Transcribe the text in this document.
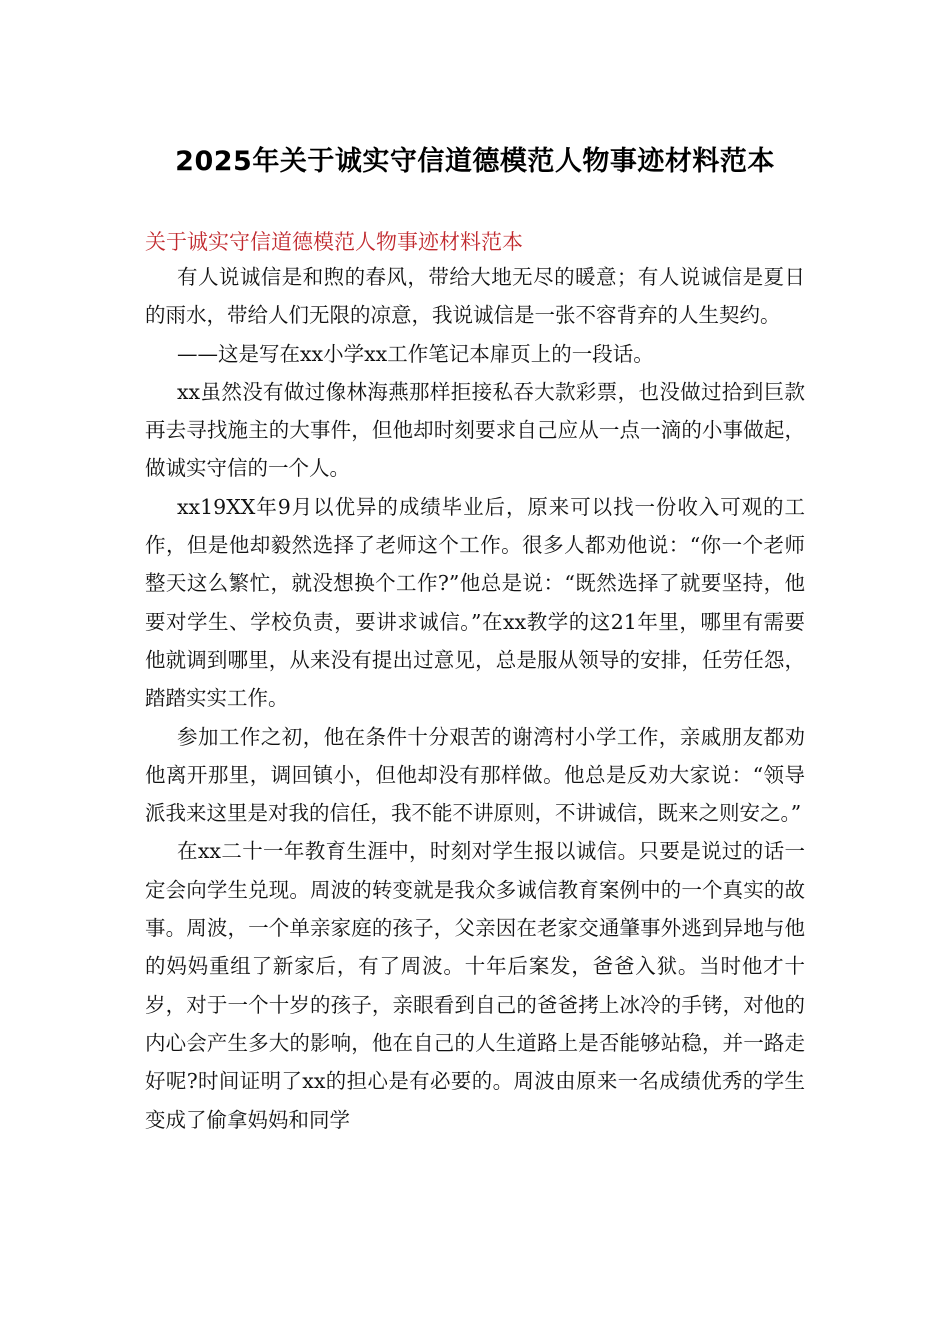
2025年关于诚实守信道德模范人物事迹材料范本
关于诚实守信道德模范人物事迹材料范本

有人说诚信是和煦的春风，带给大地无尽的暖意；有人说诚信是夏日的雨水，带给人们无限的凉意，我说诚信是一张不容背弃的人生契约。

——这是写在xx小学xx工作笔记本扉页上的一段话。

xx虽然没有做过像林海燕那样拒接私吞大款彩票，也没做过拾到巨款再去寻找施主的大事件，但他却时刻要求自己应从一点一滴的小事做起，做诚实守信的一个人。

xx19XX年9月以优异的成绩毕业后，原来可以找一份收入可观的工作，但是他却毅然选择了老师这个工作。很多人都劝他说：“你一个老师整天这么繁忙，就没想换个工作?”他总是说：“既然选择了就要坚持，他要对学生、学校负责，要讲求诚信。”在xx教学的这21年里，哪里有需要他就调到哪里，从来没有提出过意见，总是服从领导的安排，任劳任怨，踏踏实实工作。

参加工作之初，他在条件十分艰苦的谢湾村小学工作，亲戚朋友都劝他离开那里，调回镇小，但他却没有那样做。他总是反劝大家说：“领导派我来这里是对我的信任，我不能不讲原则，不讲诚信，既来之则安之。”

在xx二十一年教育生涯中，时刻对学生报以诚信。只要是说过的话一定会向学生兑现。周波的转变就是我众多诚信教育案例中的一个真实的故事。周波，一个单亲家庭的孩子，父亲因在老家交通肇事外逃到异地与他的妈妈重组了新家后，有了周波。十年后案发，爸爸入狱。当时他才十岁，对于一个十岁的孩子，亲眼看到自己的爸爸拷上冰冷的手铐，对他的内心会产生多大的影响，他在自己的人生道路上是否能够站稳，并一路走好呢?时间证明了xx的担心是有必要的。周波由原来一名成绩优秀的学生变成了偷拿妈妈和同学
